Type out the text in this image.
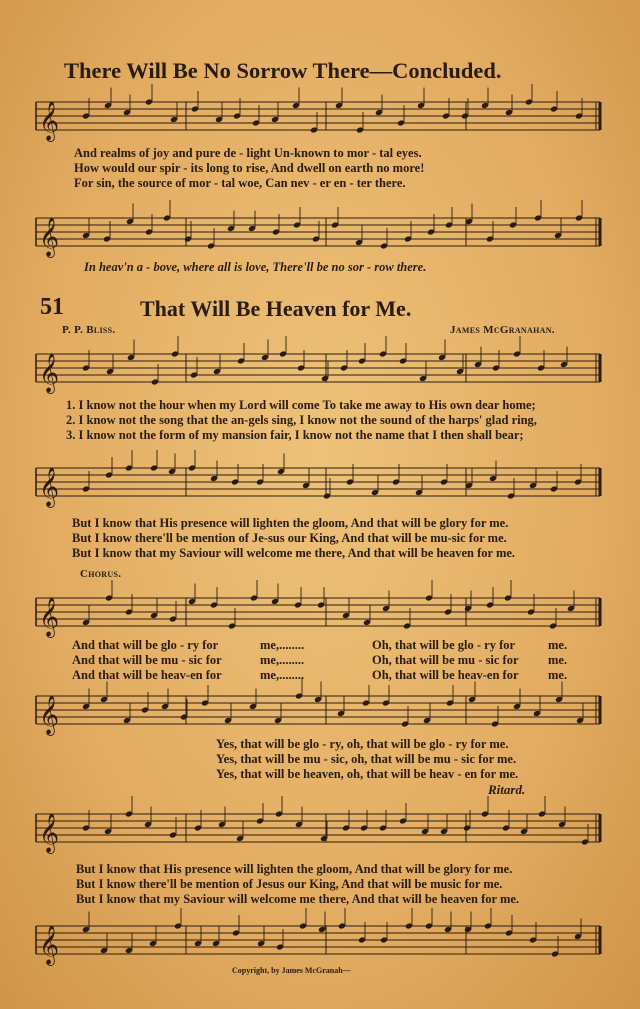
There Will Be No Sorrow There—Concluded.
𝄞
And realms of joy and pure de - light Un-known to mor - tal eyes.
How would our spir - its long to rise, And dwell on earth no more!
For sin, the source of mor - tal woe, Can nev - er en - ter there.
𝄞
In heav'n a - bove, where all is love, There'll be no sor - row there.
51	That Will Be Heaven for Me.
P. P. Bliss.	James McGranahan.
𝄞
1. I know not the hour when my Lord will come To take me away to His own dear home;
2. I know not the song that the an-gels sing, I know not the sound of the harps' glad ring,
3. I know not the form of my mansion fair, I know not the name that I then shall bear;
𝄞
But I know that His presence will lighten the gloom, And that will be glory for me.
But I know there'll be mention of Je-sus our King, And that will be mu-sic for me.
But I know that my Saviour will welcome me there, And that will be heaven for me.
Chorus.
𝄞
And that will be glo - ry for	me,........	Oh, that will be glo - ry for	me.
And that will be mu - sic for	me,........	Oh, that will be mu - sic for me.
And that will be heav-en for	me,........	Oh, that will be heav-en for me.
𝄞
Yes, that will be glo - ry, oh, that will be glo - ry for me.
Yes, that will be mu - sic, oh, that will be mu - sic for me.
Yes, that will be heaven, oh, that will be heav - en for me.
Ritard.
𝄞
But I know that His presence will lighten the gloom, And that will be glory for me.
But I know there'll be mention of Jesus our King, And that will be music for me.
But I know that my Saviour will welcome me there, And that will be heaven for me.
𝄞
Copyright, by James McGranah—
